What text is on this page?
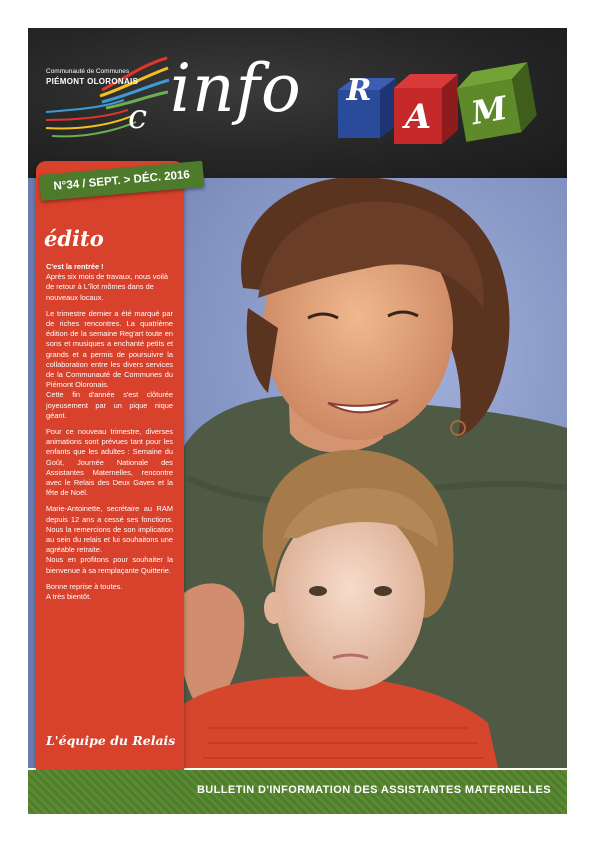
c
Communauté de Communes
PIÉMONT OLORONAIS info R
A	M
N°34 / SEPT. > DÉC. 2016
édito

C'est la rentrée !
Après six mois de travaux, nous voilà de retour à L'îlot mômes dans de nouveaux locaux.

Le trimestre dernier a été marqué par de riches rencontres. La quatrième édition de la semaine Reg'art toute en sons et musiques a enchanté petits et grands et a permis de poursuivre la collaboration entre les divers services de la Communauté de Communes du Piémont Oloronais.
Cette fin d'année s'est clôturée joyeusement par un pique nique géant.

Pour ce nouveau trimestre, diverses animations sont prévues tant pour les enfants que les adultes : Semaine du Goût, Journée Nationale des Assistantes Maternelles, rencontre avec le Relais des Deux Gaves et la fête de Noël.

Marie-Antoinette, secrétaire au RAM depuis 12 ans a cessé ses fonctions. Nous la remercions de son implication au sein du relais et lui souhaitons une agréable retraite.
Nous en profitons pour souhaiter la bienvenue à sa remplaçante Quitterie.

Bonne reprise à toutes.
A très bientôt.

L'équipe du Relais
BULLETIN D'INFORMATION DES ASSISTANTES MATERNELLES
